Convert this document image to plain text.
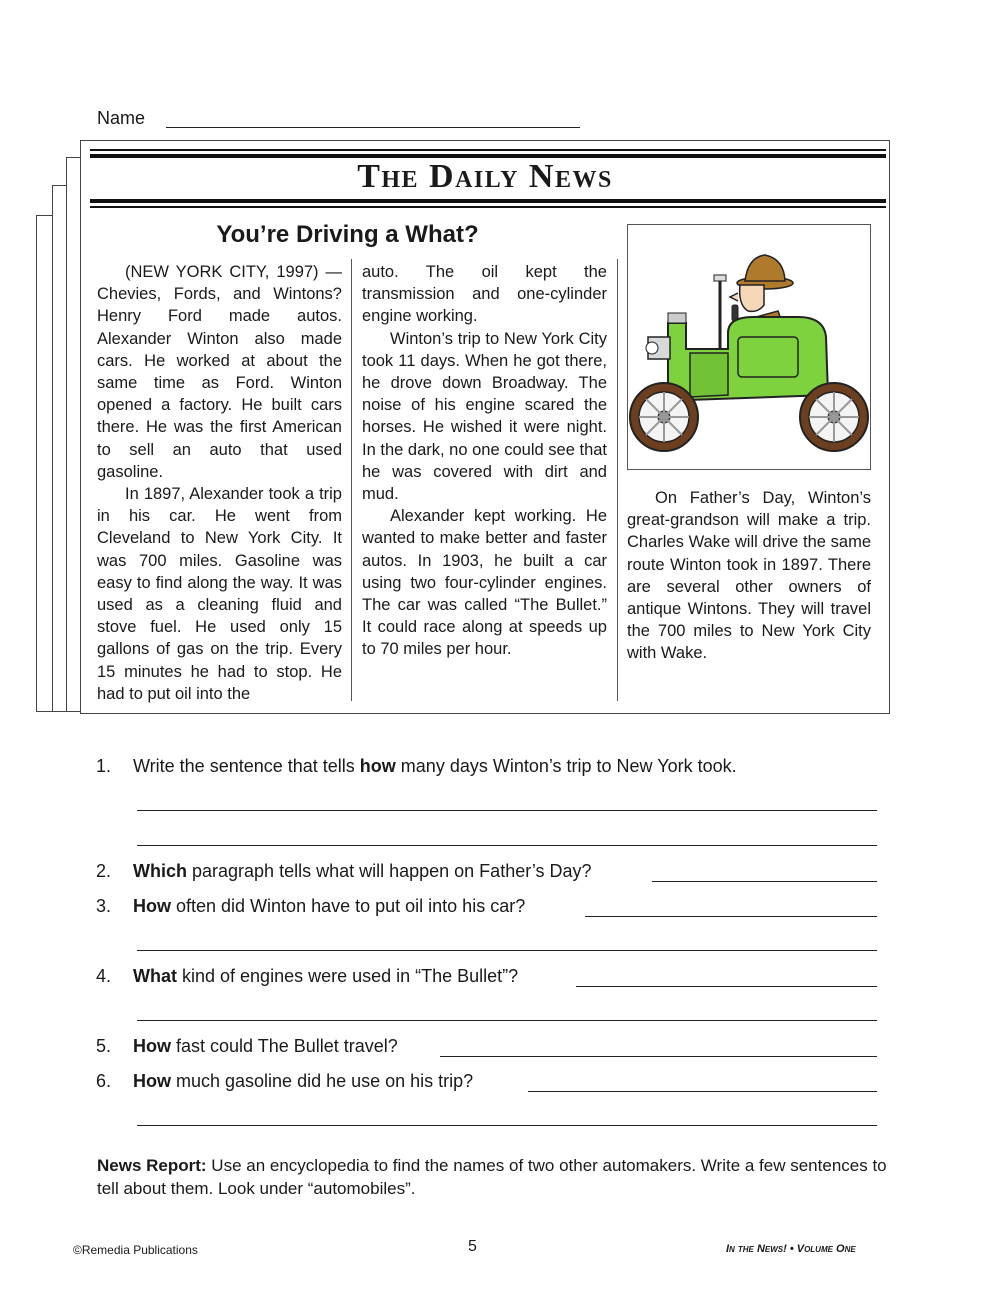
Name
The Daily News
You’re Driving a What?

(NEW YORK CITY, 1997) — Chevies, Fords, and Wintons? Henry Ford made autos. Alexander Winton also made cars. He worked at about the same time as Ford. Winton opened a factory. He built cars there. He was the first American to sell an auto that used gasoline.

In 1897, Alexander took a trip in his car. He went from Cleveland to New York City. It was 700 miles. Gasoline was easy to find along the way. It was used as a cleaning fluid and stove fuel. He used only 15 gallons of gas on the trip. Every 15 minutes he had to stop. He had to put oil into the

auto. The oil kept the transmission and one-cylinder engine working.

Winton’s trip to New York City took 11 days. When he got there, he drove down Broadway. The noise of his engine scared the horses. He wished it were night. In the dark, no one could see that he was covered with dirt and mud.

Alexander kept working. He wanted to make better and faster autos. In 1903, he built a car using two four-cylinder engines. The car was called “The Bullet.” It could race along at speeds up to 70 miles per hour.

On Father’s Day, Winton’s great-grandson will make a trip. Charles Wake will drive the same route Winton took in 1897. There are several other owners of antique Wintons. They will travel the 700 miles to New York City with Wake.

1. Write the sentence that tells how many days Winton’s trip to New York took.
2. Which paragraph tells what will happen on Father’s Day?
3. How often did Winton have to put oil into his car?
4. What kind of engines were used in “The Bullet”?
5. How fast could The Bullet travel?
6. How much gasoline did he use on his trip?
News Report: Use an encyclopedia to find the names of two other automakers. Write a few sentences to tell about them. Look under “automobiles”.
©Remedia Publications	5	In the News! • Volume One
